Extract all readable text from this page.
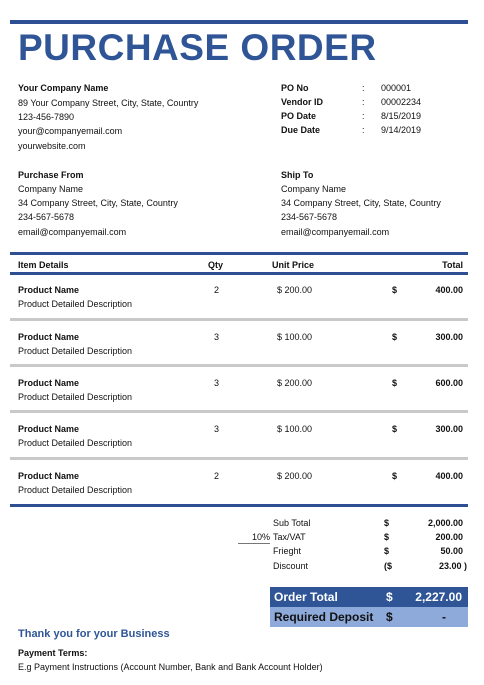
PURCHASE ORDER
Your Company Name
89 Your Company Street, City, State, Country
123-456-7890
your@companyemail.com
yourwebsite.com
PO No	: 000001
Vendor ID	: 00002234
PO Date	: 8/15/2019
Due Date	: 9/14/2019
Purchase From
Company Name
34 Company Street, City, State, Country
234-567-5678
email@companyemail.com
Ship To
Company Name
34 Company Street, City, State, Country
234-567-5678
email@companyemail.com
Item Details	Qty	Unit Price	Total
Product Name
Product Detailed Description
2	$ 200.00	$	400.00
Product Name
Product Detailed Description
3	$ 100.00	$	300.00
Product Name
Product Detailed Description
3	$ 200.00	$	600.00
Product Name
Product Detailed Description
3	$ 100.00	$	300.00
Product Name
Product Detailed Description
2	$ 200.00	$	400.00
Sub Total	$	2,000.00
10% Tax/VAT	$	200.00
Frieght	$	50.00
Discount	($	23.00 )
Order Total	$	2,227.00
Required Deposit $	-
Thank you for your Business
Payment Terms:
E.g Payment Instructions (Account Number, Bank and Bank Account Holder)
